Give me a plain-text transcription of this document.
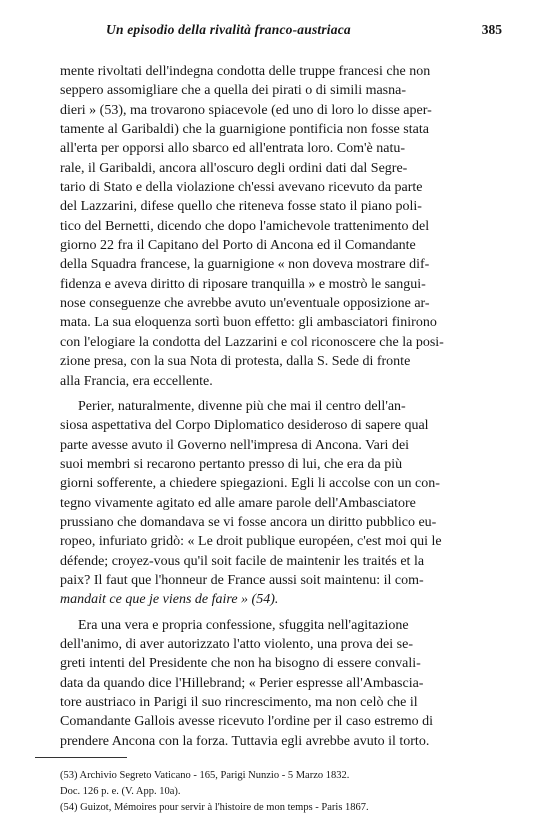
Un episodio della rivalità franco-austriaca	385
mente rivoltati dell'indegna condotta delle truppe francesi che non
seppero assomigliare che a quella dei pirati o di simili masna-
dieri » (53), ma trovarono spiacevole (ed uno di loro lo disse aper-
tamente al Garibaldi) che la guarnigione pontificia non fosse stata
all'erta per opporsi allo sbarco ed all'entrata loro. Com'è natu-
rale, il Garibaldi, ancora all'oscuro degli ordini dati dal Segre-
tario di Stato e della violazione ch'essi avevano ricevuto da parte
del Lazzarini, difese quello che riteneva fosse stato il piano poli-
tico del Bernetti, dicendo che dopo l'amichevole trattenimento del
giorno 22 fra il Capitano del Porto di Ancona ed il Comandante
della Squadra francese, la guarnigione « non doveva mostrare dif-
fidenza e aveva diritto di riposare tranquilla » e mostrò le sangui-
nose conseguenze che avrebbe avuto un'eventuale opposizione ar-
mata. La sua eloquenza sortì buon effetto: gli ambasciatori finirono
con l'elogiare la condotta del Lazzarini e col riconoscere che la posi-
zione presa, con la sua Nota di protesta, dalla S. Sede di fronte
alla Francia, era eccellente.
Perier, naturalmente, divenne più che mai il centro dell'an-
siosa aspettativa del Corpo Diplomatico desideroso di sapere qual
parte avesse avuto il Governo nell'impresa di Ancona. Vari dei
suoi membri si recarono pertanto presso di lui, che era da più
giorni sofferente, a chiedere spiegazioni. Egli li accolse con un con-
tegno vivamente agitato ed alle amare parole dell'Ambasciatore
prussiano che domandava se vi fosse ancora un diritto pubblico eu-
ropeo, infuriato gridò: « Le droit publique européen, c'est moi qui le
défende; croyez-vous qu'il soit facile de maintenir les traités et la
paix? Il faut que l'honneur de France aussi soit maintenu: il com-
mandait ce que je viens de faire » (54).
Era una vera e propria confessione, sfuggita nell'agitazione
dell'animo, di aver autorizzato l'atto violento, una prova dei se-
greti intenti del Presidente che non ha bisogno di essere convali-
data da quando dice l'Hillebrand; « Perier espresse all'Ambascia-
tore austriaco in Parigi il suo rincrescimento, ma non celò che il
Comandante Gallois avesse ricevuto l'ordine per il caso estremo di
prendere Ancona con la forza. Tuttavia egli avrebbe avuto il torto.
(53) Archivio Segreto Vaticano - 165, Parigi Nunzio - 5 Marzo 1832.
Doc. 126 p. e. (V. App. 10a).
(54) Guizot, Mémoires pour servir à l'histoire de mon temps - Paris 1867.
